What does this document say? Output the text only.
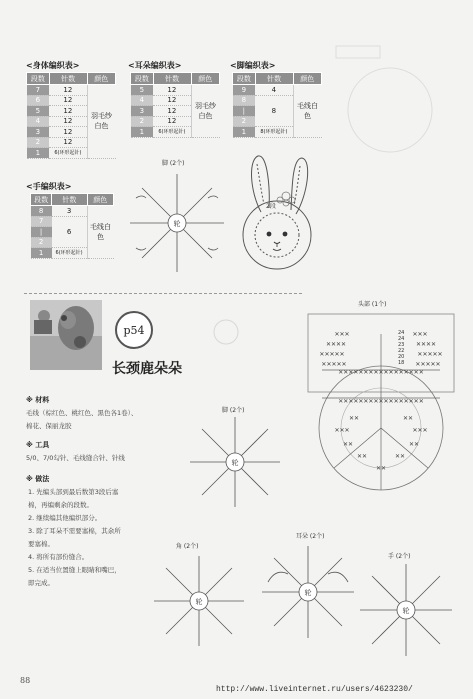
<身体编织表>
段数	针数	颜色
7	12	羽毛纱白色
6	12	
5	12	
4	12	
3	12	
2	12	
1	6(环形起针)	
<耳朵编织表>
段数	针数	颜色
5	12	羽毛纱白色
4	12	
3	12	
2	12	
1	6(环形起针)	
<脚编织表>
段数	针数	颜色
9	4	毛线白色
8	8	
|		
2		
1	8(环形起针)	
<手编织表>
段数	针数	颜色
8	3	毛线白色
7	6	
|		
2		
1	6(环形起针)	
脚 (2个)
轮
2段
p54
长颈鹿朵朵
※ 材料
毛线（棕红色、桃红色、黑色各1卷）、
棉花、保丽龙胶
※ 工具
5/0、7/0勾针、毛线缝合针、针线
※ 做法
1. 先编头部到最后数第3段后塞
棉，再编剩余的段数。
2. 继续编其他编织部分。
3. 除了耳朵不需要塞棉，其余所
要塞棉。
4. 将所有部份缝合。
5. 在适当位置缝上眼睛和嘴巴，
即完成。
头部 (1个)
✕✕✕	✕✕✕
✕✕✕✕	✕✕✕✕
✕✕✕✕✕	✕✕✕✕✕
✕✕✕✕✕	✕✕✕✕✕
✕✕✕✕✕✕✕✕✕✕✕✕✕✕✕✕✕
✕✕✕✕✕✕✕✕✕✕✕✕✕✕✕✕✕
✕✕	✕✕
✕✕✕	✕✕✕
✕✕	✕✕
✕✕	✕✕
✕✕
24
24
23
22
20
18
脚 (2个)
轮
角 (2个)
轮
耳朵 (2个)
轮
手 (2个)
轮
88
http://www.liveinternet.ru/users/4623230/
